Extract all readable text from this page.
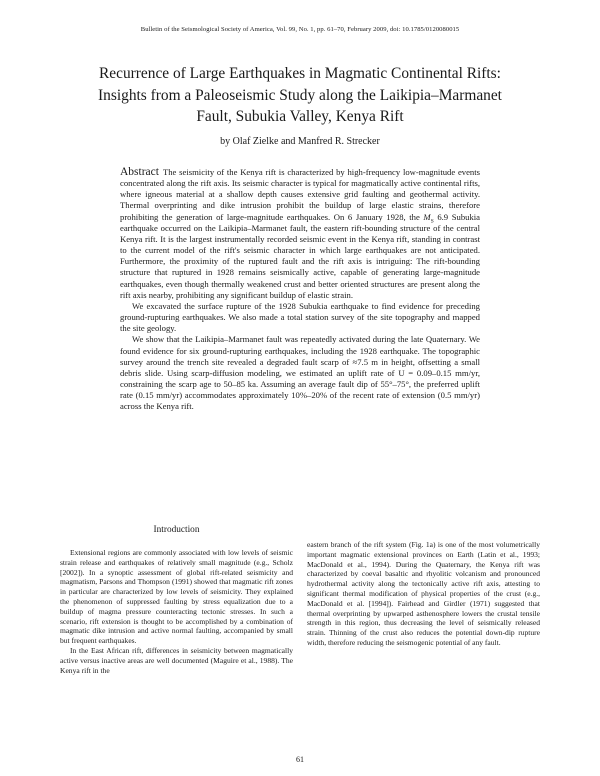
Bulletin of the Seismological Society of America, Vol. 99, No. 1, pp. 61–70, February 2009, doi: 10.1785/0120080015
Recurrence of Large Earthquakes in Magmatic Continental Rifts:
Insights from a Paleoseismic Study along the Laikipia–Marmanet
Fault, Subukia Valley, Kenya Rift
by Olaf Zielke and Manfred R. Strecker

Abstract The seismicity of the Kenya rift is characterized by high-frequency low-magnitude events concentrated along the rift axis. Its seismic character is typical for magmatically active continental rifts, where igneous material at a shallow depth causes extensive grid faulting and geothermal activity. Thermal overprinting and dike intrusion prohibit the buildup of large elastic strains, therefore prohibiting the generation of large-magnitude earthquakes. On 6 January 1928, the $M_S$ 6.9 Subukia earthquake occurred on the Laikipia–Marmanet fault, the eastern rift-bounding structure of the central Kenya rift. It is the largest instrumentally recorded seismic event in the Kenya rift, standing in contrast to the current model of the rift's seismic character in which large earthquakes are not anticipated. Furthermore, the proximity of the ruptured fault and the rift axis is intriguing: The rift-bounding structure that ruptured in 1928 remains seismically active, capable of generating large-magnitude earthquakes, even though thermally weakened crust and better oriented structures are present along the rift axis nearby, prohibiting any significant buildup of elastic strain.

We excavated the surface rupture of the 1928 Subukia earthquake to find evidence for preceding ground-rupturing earthquakes. We also made a total station survey of the site topography and mapped the site geology.

We show that the Laikipia–Marmanet fault was repeatedly activated during the late Quaternary. We found evidence for six ground-rupturing earthquakes, including the 1928 earthquake. The topographic survey around the trench site revealed a degraded fault scarp of ≈7.5 m in height, offsetting a small debris slide. Using scarp-diffusion modeling, we estimated an uplift rate of U = 0.09–0.15 mm/yr, constraining the scarp age to 50–85 ka. Assuming an average fault dip of 55°–75°, the preferred uplift rate (0.15 mm/yr) accommodates approximately 10%–20% of the recent rate of extension (0.5 mm/yr) across the Kenya rift.

Introduction

Extensional regions are commonly associated with low levels of seismic strain release and earthquakes of relatively small magnitude (e.g., Scholz [2002]). In a synoptic assessment of global rift-related seismicity and magmatism, Parsons and Thompson (1991) showed that magmatic rift zones in particular are characterized by low levels of seismicity. They explained the phenomenon of suppressed faulting by stress equalization due to a buildup of magma pressure counteracting tectonic stresses. In such a scenario, rift extension is thought to be accomplished by a combination of magmatic dike intrusion and active normal faulting, accompanied by small but frequent earthquakes.

In the East African rift, differences in seismicity between magmatically active versus inactive areas are well documented (Maguire et al., 1988). The Kenya rift in the

eastern branch of the rift system (Fig. 1a) is one of the most volumetrically important magmatic extensional provinces on Earth (Latin et al., 1993; MacDonald et al., 1994). During the Quaternary, the Kenya rift was characterized by coeval basaltic and rhyolitic volcanism and pronounced hydrothermal activity along the tectonically active rift axis, attesting to significant thermal modification of physical properties of the crust (e.g., MacDonald et al. [1994]). Fairhead and Girdler (1971) suggested that thermal overprinting by upwarped asthenosphere lowers the crustal tensile strength in this region, thus decreasing the level of seismically released strain. Thinning of the crust also reduces the potential down-dip rupture width, therefore reducing the seismogenic potential of any fault.

61
